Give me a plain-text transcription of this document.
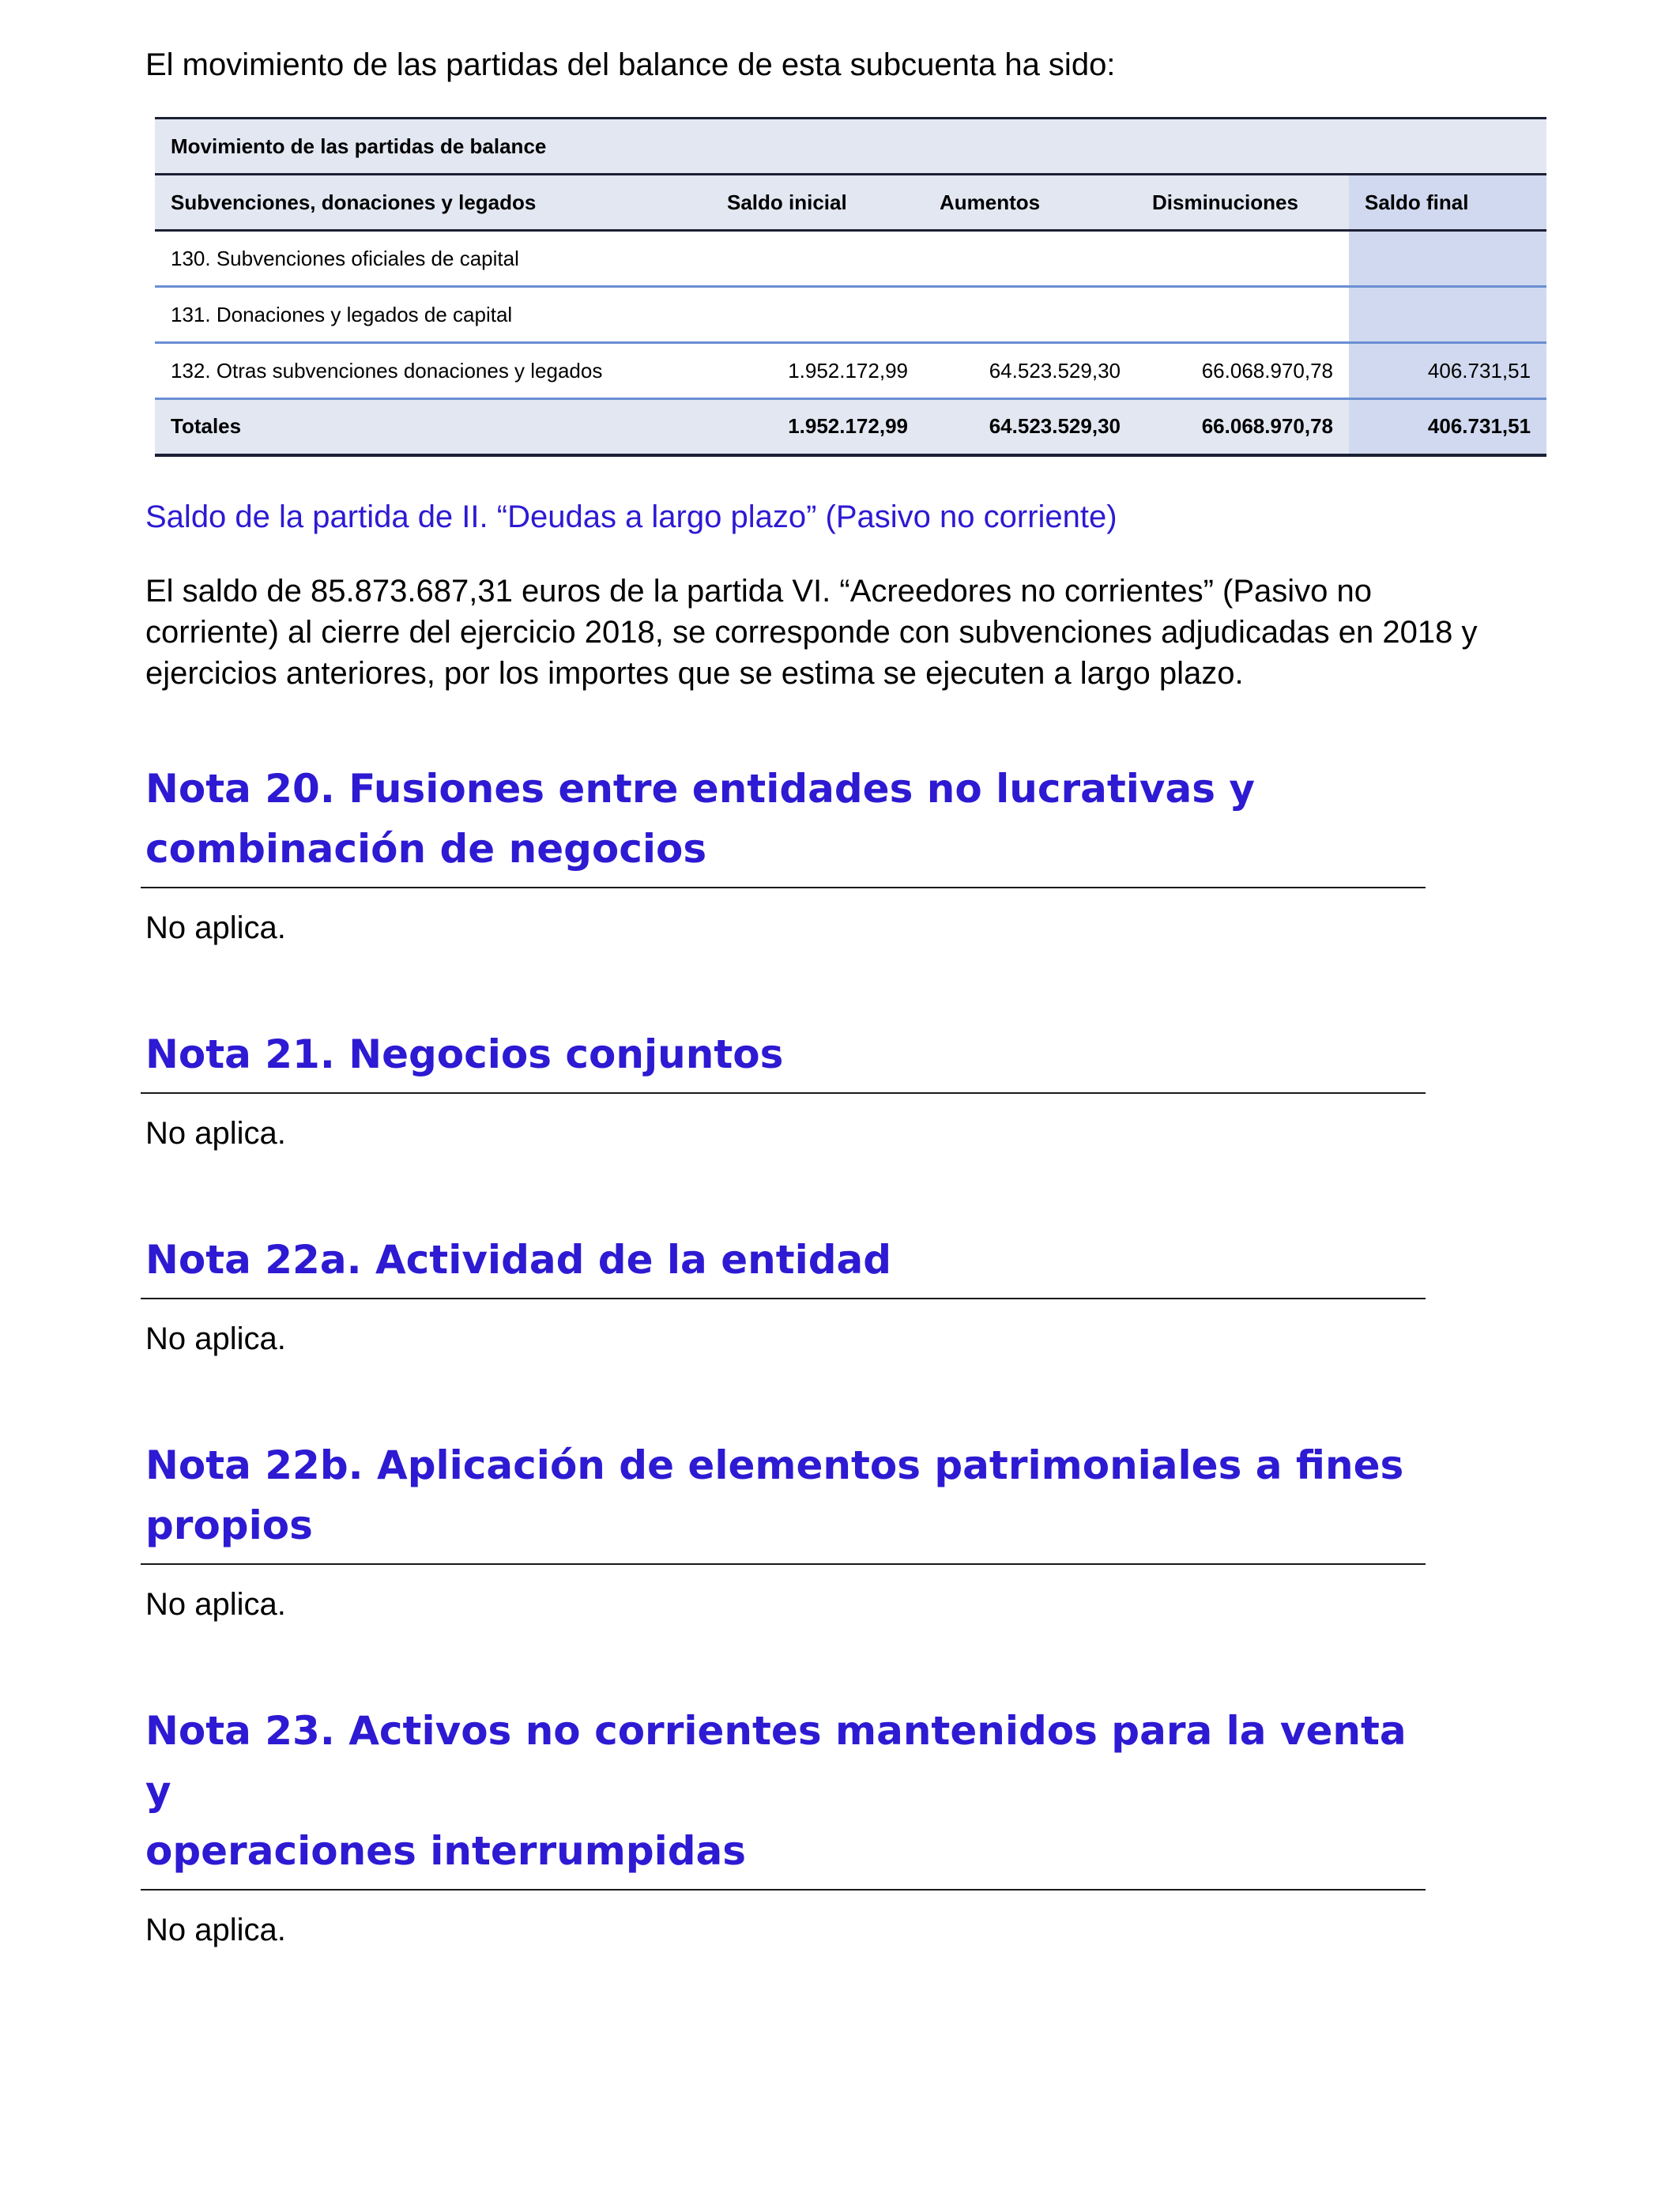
El movimiento de las partidas del balance de esta subcuenta ha sido:

Movimiento de las partidas de balance				
Subvenciones, donaciones y legados	Saldo inicial	Aumentos	Disminuciones	Saldo final
130. Subvenciones oficiales de capital				
131. Donaciones y legados de capital				
132. Otras subvenciones donaciones y legados	1.952.172,99	64.523.529,30	66.068.970,78	406.731,51
Totales	1.952.172,99	64.523.529,30	66.068.970,78	406.731,51

Saldo de la partida de II. “Deudas a largo plazo” (Pasivo no corriente)

El saldo de 85.873.687,31 euros de la partida VI. “Acreedores no corrientes” (Pasivo no corriente) al cierre del ejercicio 2018, se corresponde con subvenciones adjudicadas en 2018 y ejercicios anteriores, por los importes que se estima se ejecuten a largo plazo.

Nota 20. Fusiones entre entidades no lucrativas y
combinación de negocios

No aplica.

Nota 21. Negocios conjuntos

No aplica.

Nota 22a. Actividad de la entidad

No aplica.

Nota 22b. Aplicación de elementos patrimoniales a fines
propios

No aplica.

Nota 23. Activos no corrientes mantenidos para la venta y
operaciones interrumpidas

No aplica.
